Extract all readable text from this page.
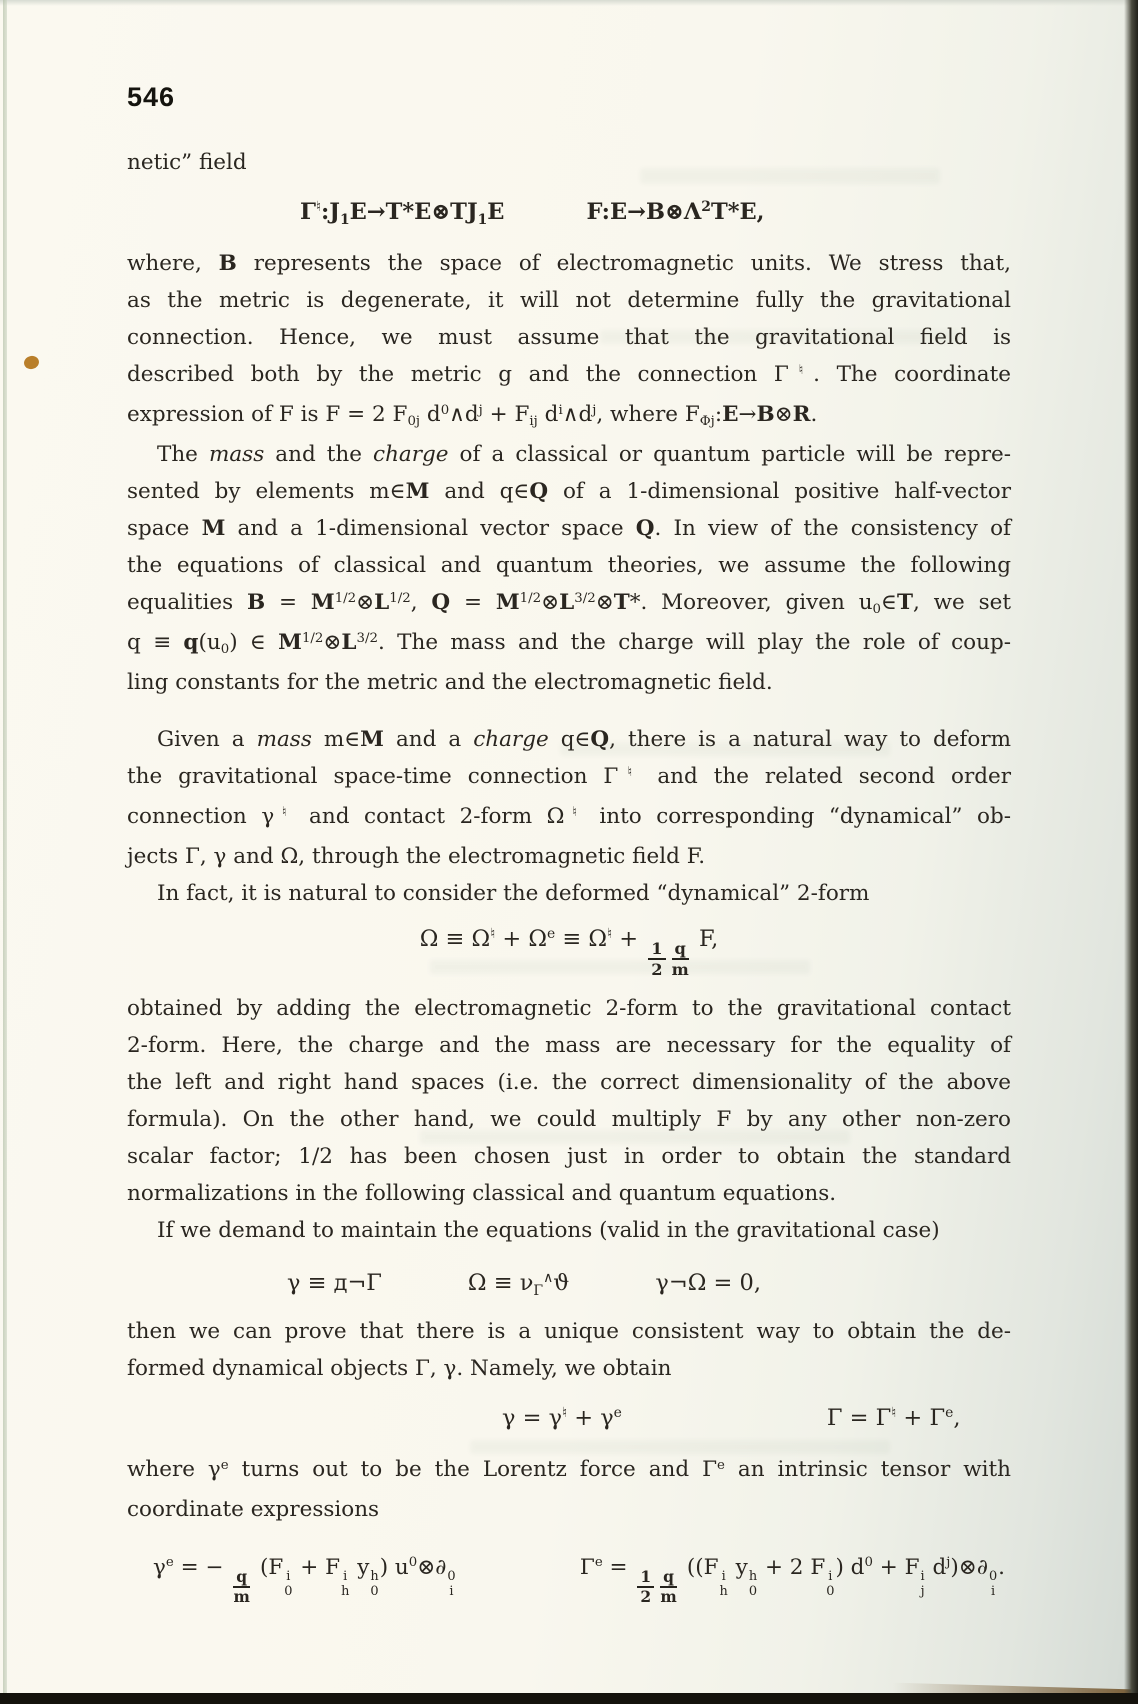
546
netic” field
$\Gamma^♮:J_1E\to T*E\otimes TJ_1E$	$F:E\to B\otimes\Lambda^2T*E$,
where, B represents the space of electromagnetic units. We stress that,
as the metric is degenerate, it will not determine fully the gravitational
connection. Hence, we must assume that the gravitational field is
described both by the metric g and the connection Γ♮. The coordinate
expression of F is F = 2 $F_{0j}$ $d^0\wedge d^j + F_{ij}$ $d^i\wedge d^j$, where $F_{\Phi j}:E\to B\otimes R$.
The mass and the charge of a classical or quantum particle will be repre-
sented by elements m∈M and q∈Q of a 1-dimensional positive half-vector
space M and a 1-dimensional vector space Q. In view of the consistency of
the equations of classical and quantum theories, we assume the following
equalities $B = M^{1/2}\otimes L^{1/2}$, $Q = M^{1/2}\otimes L^{3/2}\otimes T*$. Moreover, given $u_0\in T$, we set
$q \equiv q(u_0)$ ∈ $M^{1/2}\otimes L^{3/2}$. The mass and the charge will play the role of coup-
ling constants for the metric and the electromagnetic field.
Given a mass m∈M and a charge q∈Q, there is a natural way to deform
the gravitational space-time connection Γ♮ and the related second order
connection γ♮ and contact 2-form Ω♮ into corresponding “dynamical” ob-
jects Γ, γ and Ω, through the electromagnetic field F.
In fact, it is natural to consider the deformed “dynamical” 2-form
$\Omega \equiv \Omega^♮ + \Omega^e \equiv \Omega^♮$ +
$\frac{1}{2} \frac{q}{m}$
F,
obtained by adding the electromagnetic 2-form to the gravitational contact
2-form. Here, the charge and the mass are necessary for the equality of
the left and right hand spaces (i.e. the correct dimensionality of the above
formula). On the other hand, we could multiply F by any other non-zero
scalar factor; 1/2 has been chosen just in order to obtain the standard
normalizations in the following classical and quantum equations.
If we demand to maintain the equations (valid in the gravitational case)
γ ≡ д¬Γ	$\Omega \equiv \nu_\Gamma^\wedge ϑ$	γ¬Ω = 0,
then we can prove that there is a unique consistent way to obtain the de-
formed dynamical objects Γ, γ. Namely, we obtain
$\gamma = \gamma^♮ + \gamma^e$	$\Gamma = \Gamma^♮ + \Gamma^e$,
where $\gamma^e$ turns out to be the Lorentz force and $\Gamma^e$ an intrinsic tensor with
coordinate expressions
$\gamma^e$ = −
$\frac{q}{m}$
(F i
0
+ F i
h
y h
0
) $u^0\otimes\partial$ 0
i
$\Gamma^e$ =
$\frac{1}{2} \frac{q}{m}$
((F i
h
y h
0
+ 2 F i
0
) $d^0 + F$ i
j
$d^j)\otimes\partial$ 0
i
.
